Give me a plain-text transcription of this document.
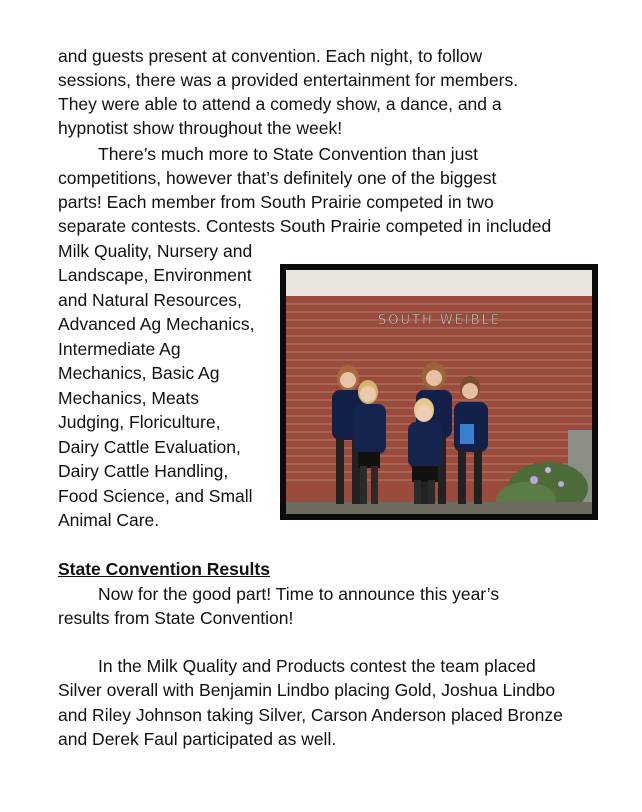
and guests present at convention. Each night, to follow
sessions, there was a provided entertainment for members.
They were able to attend a comedy show, a dance, and a
hypnotist show throughout the week!
There’s much more to State Convention than just
competitions, however that’s definitely one of the biggest
parts! Each member from South Prairie competed in two
separate contests. Contests South Prairie competed in included
Milk Quality, Nursery and
Landscape, Environment
and Natural Resources,
Advanced Ag Mechanics,
Intermediate Ag
Mechanics, Basic Ag
Mechanics, Meats
Judging, Floriculture,
Dairy Cattle Evaluation,
Dairy Cattle Handling,
Food Science, and Small
Animal Care.
SOUTH WEIBLE
State Convention Results
Now for the good part! Time to announce this year’s
results from State Convention!
In the Milk Quality and Products contest the team placed
Silver overall with Benjamin Lindbo placing Gold, Joshua Lindbo
and Riley Johnson taking Silver, Carson Anderson placed Bronze
and Derek Faul participated as well.
